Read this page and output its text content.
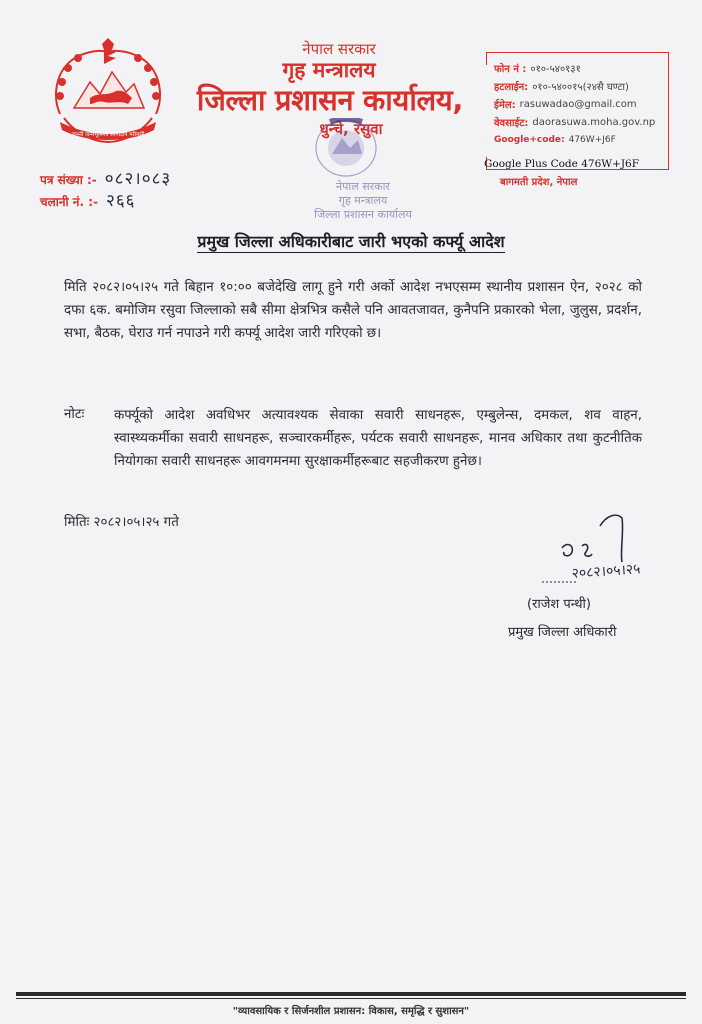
जननी जन्मभूमिश्च स्वर्गादपि गरीयसी
नेपाल सरकार
गृह मन्त्रालय
जिल्ला प्रशासन कार्यालय,
धुन्चे, रसुवा
फोन नं : ०१०-५४०१३१
हटलाईन: ०१०-५४००१५(२४सै घण्टा)
ईमेल: rasuwadao@gmail.com
वेवसाईट: daorasuwa.moha.gov.np
Google+code: 476W+J6F
Google Plus Code 476W+J6F
बागमती प्रदेश, नेपाल
पत्र संख्या :- ०८२।०८३
चलानी नं. :- २६६
नेपाल सरकार
गृह मन्त्रालय
जिल्ला प्रशासन कार्यालय
प्रमुख जिल्ला अधिकारीबाट जारी भएको कर्फ्यू आदेश
मिति २०८२।०५।२५ गते बिहान १०:०० बजेदेखि लागू हुने गरी अर्को आदेश नभएसम्म स्थानीय प्रशासन ऐन, २०२८ को दफा ६क. बमोजिम रसुवा जिल्लाको सबै सीमा क्षेत्रभित्र कसैले पनि आवतजावत, कुनैपनि प्रकारको भेला, जुलुस, प्रदर्शन, सभा, बैठक, घेराउ गर्न नपाउने गरी कर्फ्यू आदेश जारी गरिएको छ।
नोटः कर्फ्यूको आदेश अवधिभर अत्यावश्यक सेवाका सवारी साधनहरू, एम्बुलेन्स, दमकल, शव वाहन, स्वास्थ्यकर्मीका सवारी साधनहरू, सञ्चारकर्मीहरू, पर्यटक सवारी साधनहरू, मानव अधिकार तथा कुटनीतिक नियोगका सवारी साधनहरू आवगमनमा सुरक्षाकर्मीहरूबाट सहजीकरण हुनेछ।
मितिः २०८२।०५।२५ गते
२०८२।०५।२५
(राजेश पन्थी)
प्रमुख जिल्ला अधिकारी
"व्यावसायिक र सिर्जनशील प्रशासन: विकास, समृद्धि र सुशासन"
